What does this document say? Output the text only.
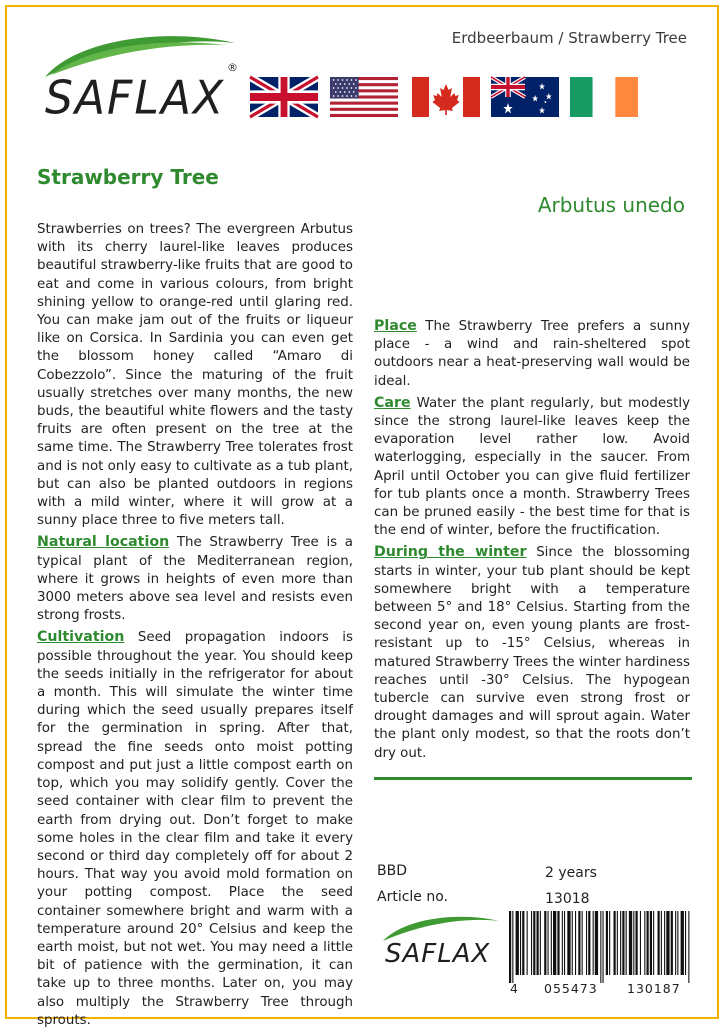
SAFLAX
®
Erdbeerbaum / Strawberry Tree
Strawberry Tree
Arbutus unedo

Strawberries on trees? The evergreen Arbutus with its cherry laurel-like leaves produces beautiful strawberry-like fruits that are good to eat and come in various colours, from bright shining yellow to orange-red until glaring red. You can make jam out of the fruits or liqueur like on Corsica. In Sardinia you can even get the blossom honey called “Amaro di Cobezzolo”. Since the maturing of the fruit usually stretches over many months, the new buds, the beautiful white flowers and the tasty fruits are often present on the tree at the same time. The Strawberry Tree tolerates frost and is not only easy to cultivate as a tub plant, but can also be planted outdoors in regions with a mild winter, where it will grow at a sunny place three to five meters tall.

Natural location The Strawberry Tree is a typical plant of the Mediterranean region, where it grows in heights of even more than 3000 meters above sea level and resists even strong frosts.

Cultivation Seed propagation indoors is possible throughout the year. You should keep the seeds initially in the refrigerator for about a month. This will simulate the winter time during which the seed usually prepares itself for the germination in spring. After that, spread the fine seeds onto moist potting compost and put just a little compost earth on top, which you may solidify gently. Cover the seed container with clear film to prevent the earth from drying out. Don’t forget to make some holes in the clear film and take it every second or third day completely off for about 2 hours. That way you avoid mold formation on your potting compost. Place the seed container somewhere bright and warm with a temperature around 20° Celsius and keep the earth moist, but not wet. You may need a little bit of patience with the germination, it can take up to three months. Later on, you may also multiply the Strawberry Tree through sprouts.

Place The Strawberry Tree prefers a sunny place - a wind and rain-sheltered spot outdoors near a heat-preserving wall would be ideal.

Care Water the plant regularly, but modestly since the strong laurel-like leaves keep the evaporation level rather low. Avoid waterlogging, especially in the saucer. From April until October you can give fluid fertilizer for tub plants once a month. Strawberry Trees can be pruned easily - the best time for that is the end of winter, before the fructification.

During the winter Since the blossoming starts in winter, your tub plant should be kept somewhere bright with a temperature between 5° and 18° Celsius. Starting from the second year on, even young plants are frost-resistant up to -15° Celsius, whereas in matured Strawberry Trees the winter hardiness reaches until -30° Celsius. The hypogean tubercle can survive even strong frost or drought damages and will sprout again. Water the plant only modest, so that the roots don’t dry out.

BBD	2 years
Article no.	13018
SAFLAX
4 055473 130187
